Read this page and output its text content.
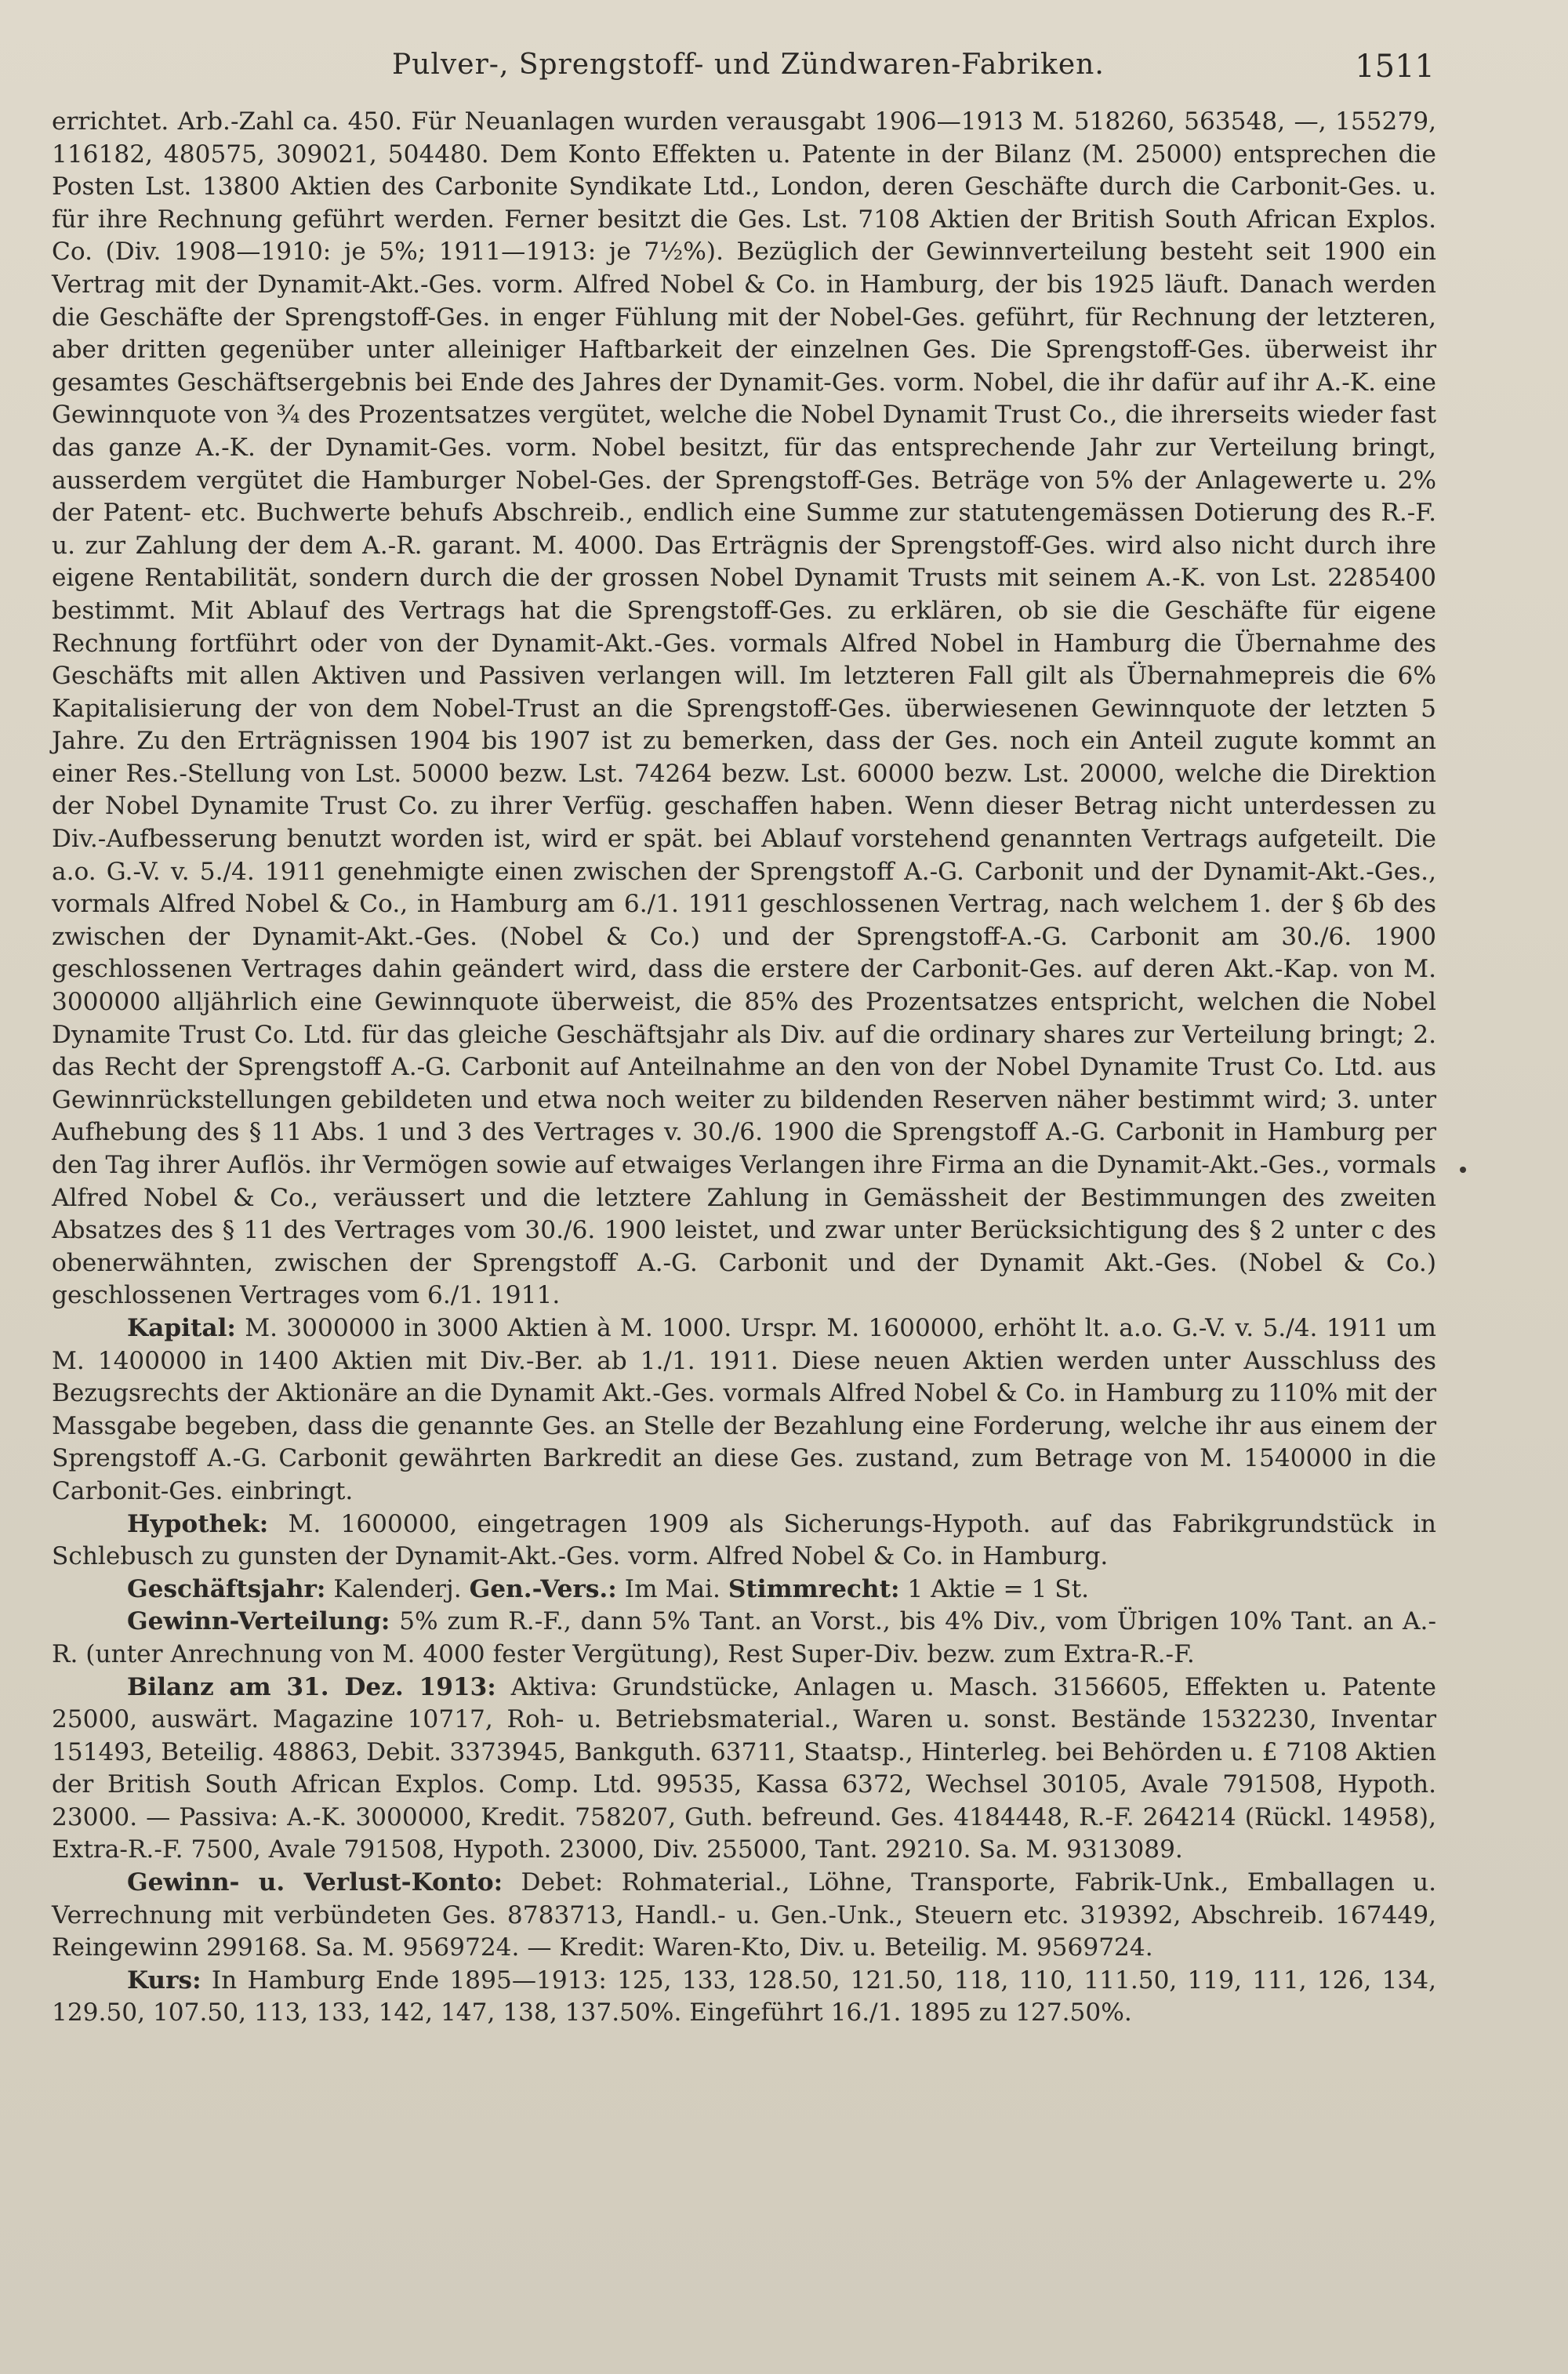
Pulver-, Sprengstoff- und Zündwaren-Fabriken.	1511

errichtet. Arb.-Zahl ca. 450. Für Neuanlagen wurden verausgabt 1906—1913 M. 518260, 563548, —, 155279, 116182, 480575, 309021, 504480. Dem Konto Effekten u. Patente in der Bilanz (M. 25000) entsprechen die Posten Lst. 13800 Aktien des Carbonite Syndikate Ltd., London, deren Geschäfte durch die Carbonit-Ges. u. für ihre Rechnung geführt werden. Ferner besitzt die Ges. Lst. 7108 Aktien der British South African Explos. Co. (Div. 1908—1910: je 5%; 1911—1913: je 7½%). Bezüglich der Gewinnverteilung besteht seit 1900 ein Vertrag mit der Dynamit-Akt.-Ges. vorm. Alfred Nobel & Co. in Hamburg, der bis 1925 läuft. Danach werden die Geschäfte der Sprengstoff-Ges. in enger Fühlung mit der Nobel-Ges. geführt, für Rechnung der letzteren, aber dritten gegenüber unter alleiniger Haftbarkeit der einzelnen Ges. Die Sprengstoff-Ges. überweist ihr gesamtes Geschäftsergebnis bei Ende des Jahres der Dynamit-Ges. vorm. Nobel, die ihr dafür auf ihr A.-K. eine Gewinnquote von ¾ des Prozentsatzes vergütet, welche die Nobel Dynamit Trust Co., die ihrerseits wieder fast das ganze A.-K. der Dynamit-Ges. vorm. Nobel besitzt, für das entsprechende Jahr zur Verteilung bringt, ausserdem vergütet die Hamburger Nobel-Ges. der Sprengstoff-Ges. Beträge von 5% der Anlagewerte u. 2% der Patent- etc. Buchwerte behufs Abschreib., endlich eine Summe zur statutengemässen Dotierung des R.-F. u. zur Zahlung der dem A.-R. garant. M. 4000. Das Erträgnis der Sprengstoff-Ges. wird also nicht durch ihre eigene Rentabilität, sondern durch die der grossen Nobel Dynamit Trusts mit seinem A.-K. von Lst. 2285400 bestimmt. Mit Ablauf des Vertrags hat die Sprengstoff-Ges. zu erklären, ob sie die Geschäfte für eigene Rechnung fortführt oder von der Dynamit-Akt.-Ges. vormals Alfred Nobel in Hamburg die Übernahme des Geschäfts mit allen Aktiven und Passiven verlangen will. Im letzteren Fall gilt als Übernahmepreis die 6% Kapitalisierung der von dem Nobel-Trust an die Sprengstoff-Ges. überwiesenen Gewinnquote der letzten 5 Jahre. Zu den Erträgnissen 1904 bis 1907 ist zu bemerken, dass der Ges. noch ein Anteil zugute kommt an einer Res.-Stellung von Lst. 50000 bezw. Lst. 74264 bezw. Lst. 60000 bezw. Lst. 20000, welche die Direktion der Nobel Dynamite Trust Co. zu ihrer Verfüg. geschaffen haben. Wenn dieser Betrag nicht unterdessen zu Div.-Aufbesserung benutzt worden ist, wird er spät. bei Ablauf vorstehend genannten Vertrags aufgeteilt. Die a.o. G.-V. v. 5./4. 1911 genehmigte einen zwischen der Sprengstoff A.-G. Carbonit und der Dynamit-Akt.-Ges., vormals Alfred Nobel & Co., in Hamburg am 6./1. 1911 geschlossenen Vertrag, nach welchem 1. der § 6b des zwischen der Dynamit-Akt.-Ges. (Nobel & Co.) und der Sprengstoff-A.-G. Carbonit am 30./6. 1900 geschlossenen Vertrages dahin geändert wird, dass die erstere der Carbonit-Ges. auf deren Akt.-Kap. von M. 3000000 alljährlich eine Gewinnquote überweist, die 85% des Prozentsatzes entspricht, welchen die Nobel Dynamite Trust Co. Ltd. für das gleiche Geschäftsjahr als Div. auf die ordinary shares zur Verteilung bringt; 2. das Recht der Sprengstoff A.-G. Carbonit auf Anteilnahme an den von der Nobel Dynamite Trust Co. Ltd. aus Gewinnrückstellungen gebildeten und etwa noch weiter zu bildenden Reserven näher bestimmt wird; 3. unter Aufhebung des § 11 Abs. 1 und 3 des Vertrages v. 30./6. 1900 die Sprengstoff A.-G. Carbonit in Hamburg per den Tag ihrer Auflös. ihr Vermögen sowie auf etwaiges Verlangen ihre Firma an die Dynamit-Akt.-Ges., vormals Alfred Nobel & Co., veräussert und die letztere Zahlung in Gemässheit der Bestimmungen des zweiten Absatzes des § 11 des Vertrages vom 30./6. 1900 leistet, und zwar unter Berücksichtigung des § 2 unter c des obenerwähnten, zwischen der Sprengstoff A.-G. Carbonit und der Dynamit Akt.-Ges. (Nobel & Co.) geschlossenen Vertrages vom 6./1. 1911.

Kapital: M. 3000000 in 3000 Aktien à M. 1000. Urspr. M. 1600000, erhöht lt. a.o. G.-V. v. 5./4. 1911 um M. 1400000 in 1400 Aktien mit Div.-Ber. ab 1./1. 1911. Diese neuen Aktien werden unter Ausschluss des Bezugsrechts der Aktionäre an die Dynamit Akt.-Ges. vormals Alfred Nobel & Co. in Hamburg zu 110% mit der Massgabe begeben, dass die genannte Ges. an Stelle der Bezahlung eine Forderung, welche ihr aus einem der Sprengstoff A.-G. Carbonit gewährten Barkredit an diese Ges. zustand, zum Betrage von M. 1540000 in die Carbonit-Ges. einbringt.

Hypothek: M. 1600000, eingetragen 1909 als Sicherungs-Hypoth. auf das Fabrikgrundstück in Schlebusch zu gunsten der Dynamit-Akt.-Ges. vorm. Alfred Nobel & Co. in Hamburg.

Geschäftsjahr: Kalenderj. Gen.-Vers.: Im Mai. Stimmrecht: 1 Aktie = 1 St.

Gewinn-Verteilung: 5% zum R.-F., dann 5% Tant. an Vorst., bis 4% Div., vom Übrigen 10% Tant. an A.-R. (unter Anrechnung von M. 4000 fester Vergütung), Rest Super-Div. bezw. zum Extra-R.-F.

Bilanz am 31. Dez. 1913: Aktiva: Grundstücke, Anlagen u. Masch. 3156605, Effekten u. Patente 25000, auswärt. Magazine 10717, Roh- u. Betriebsmaterial., Waren u. sonst. Bestände 1532230, Inventar 151493, Beteilig. 48863, Debit. 3373945, Bankguth. 63711, Staatsp., Hinterleg. bei Behörden u. £ 7108 Aktien der British South African Explos. Comp. Ltd. 99535, Kassa 6372, Wechsel 30105, Avale 791508, Hypoth. 23000. — Passiva: A.-K. 3000000, Kredit. 758207, Guth. befreund. Ges. 4184448, R.-F. 264214 (Rückl. 14958), Extra-R.-F. 7500, Avale 791508, Hypoth. 23000, Div. 255000, Tant. 29210. Sa. M. 9313089.

Gewinn- u. Verlust-Konto: Debet: Rohmaterial., Löhne, Transporte, Fabrik-Unk., Emballagen u. Verrechnung mit verbündeten Ges. 8783713, Handl.- u. Gen.-Unk., Steuern etc. 319392, Abschreib. 167449, Reingewinn 299168. Sa. M. 9569724. — Kredit: Waren-Kto, Div. u. Beteilig. M. 9569724.

Kurs: In Hamburg Ende 1895—1913: 125, 133, 128.50, 121.50, 118, 110, 111.50, 119, 111, 126, 134, 129.50, 107.50, 113, 133, 142, 147, 138, 137.50%. Eingeführt 16./1. 1895 zu 127.50%.
